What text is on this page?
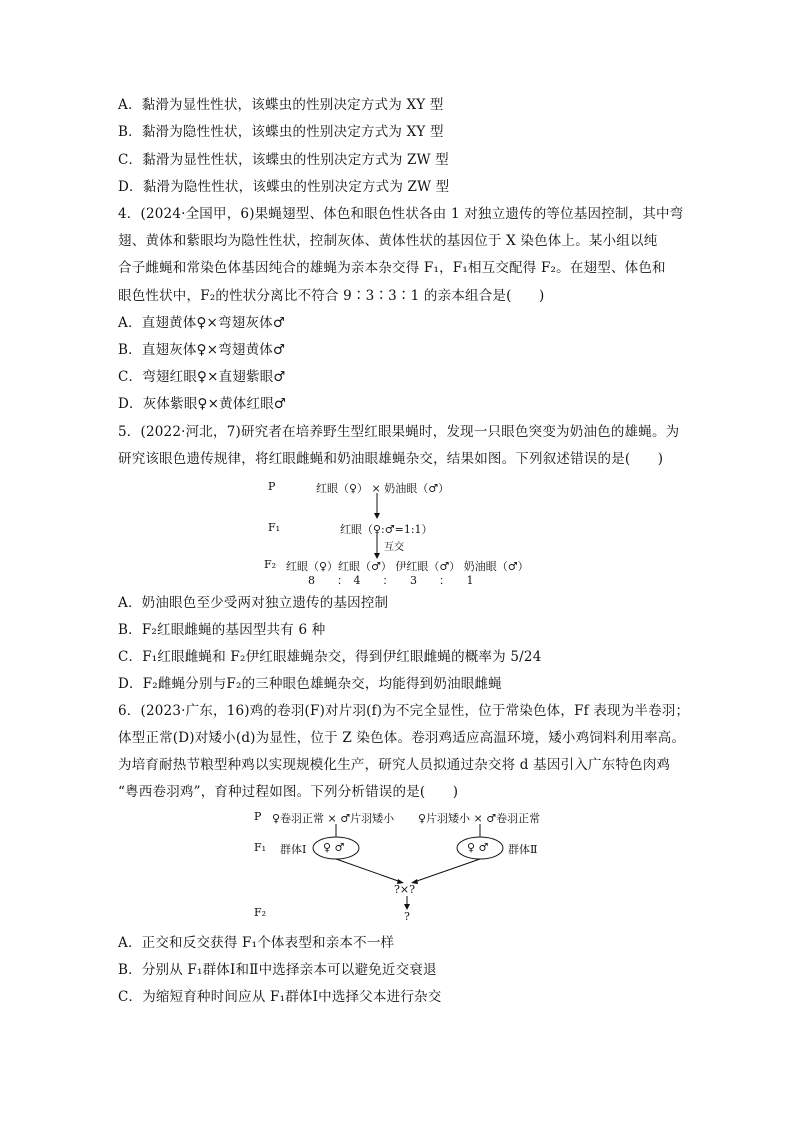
A．黏滑为显性性状，该蝶虫的性别决定方式为 XY 型
B．黏滑为隐性性状，该蝶虫的性别决定方式为 XY 型
C．黏滑为显性性状，该蝶虫的性别决定方式为 ZW 型
D．黏滑为隐性性状，该蝶虫的性别决定方式为 ZW 型
4．(2024·全国甲，6)果蝇翅型、体色和眼色性状各由 1 对独立遗传的等位基因控制，其中弯
翅、黄体和紫眼均为隐性性状，控制灰体、黄体性状的基因位于 X 染色体上。某小组以纯
合子雌蝇和常染色体基因纯合的雄蝇为亲本杂交得 F₁，F₁相互交配得 F₂。在翅型、体色和
眼色性状中，F₂的性状分离比不符合 9∶3∶3∶1 的亲本组合是(　　)
A．直翅黄体♀×弯翅灰体♂
B．直翅灰体♀×弯翅黄体♂
C．弯翅红眼♀×直翅紫眼♂
D．灰体紫眼♀×黄体红眼♂
5．(2022·河北，7)研究者在培养野生型红眼果蝇时，发现一只眼色突变为奶油色的雄蝇。为
研究该眼色遗传规律，将红眼雌蝇和奶油眼雄蝇杂交，结果如图。下列叙述错误的是(　　)
P	红眼（♀） × 奶油眼（♂）
F₁	红眼（♀:♂=1:1）
互交
F₂ 红眼（♀）红眼（♂） 伊红眼（♂） 奶油眼（♂）
8　　：　4　　：　　3　　：　　1
A．奶油眼色至少受两对独立遗传的基因控制
B．F₂红眼雌蝇的基因型共有 6 种
C．F₁红眼雌蝇和 F₂伊红眼雄蝇杂交，得到伊红眼雌蝇的概率为 5/24
D．F₂雌蝇分别与F₂的三种眼色雄蝇杂交，均能得到奶油眼雌蝇
6．(2023·广东，16)鸡的卷羽(F)对片羽(f)为不完全显性，位于常染色体，Ff 表现为半卷羽；
体型正常(D)对矮小(d)为显性，位于 Z 染色体。卷羽鸡适应高温环境，矮小鸡饲料利用率高。
为培育耐热节粮型种鸡以实现规模化生产，研究人员拟通过杂交将 d 基因引入广东特色肉鸡
“粤西卷羽鸡”，育种过程如图。下列分析错误的是(　　)
P ♀卷羽正常 × ♂片羽矮小 ♀片羽矮小 × ♂卷羽正常
F₁ 群体Ⅰ ♀ ♂	♀ ♂ 群体Ⅱ
?×?
F₂	?
A．正交和反交获得 F₁个体表型和亲本不一样
B．分别从 F₁群体Ⅰ和Ⅱ中选择亲本可以避免近交衰退
C．为缩短育种时间应从 F₁群体Ⅰ中选择父本进行杂交
